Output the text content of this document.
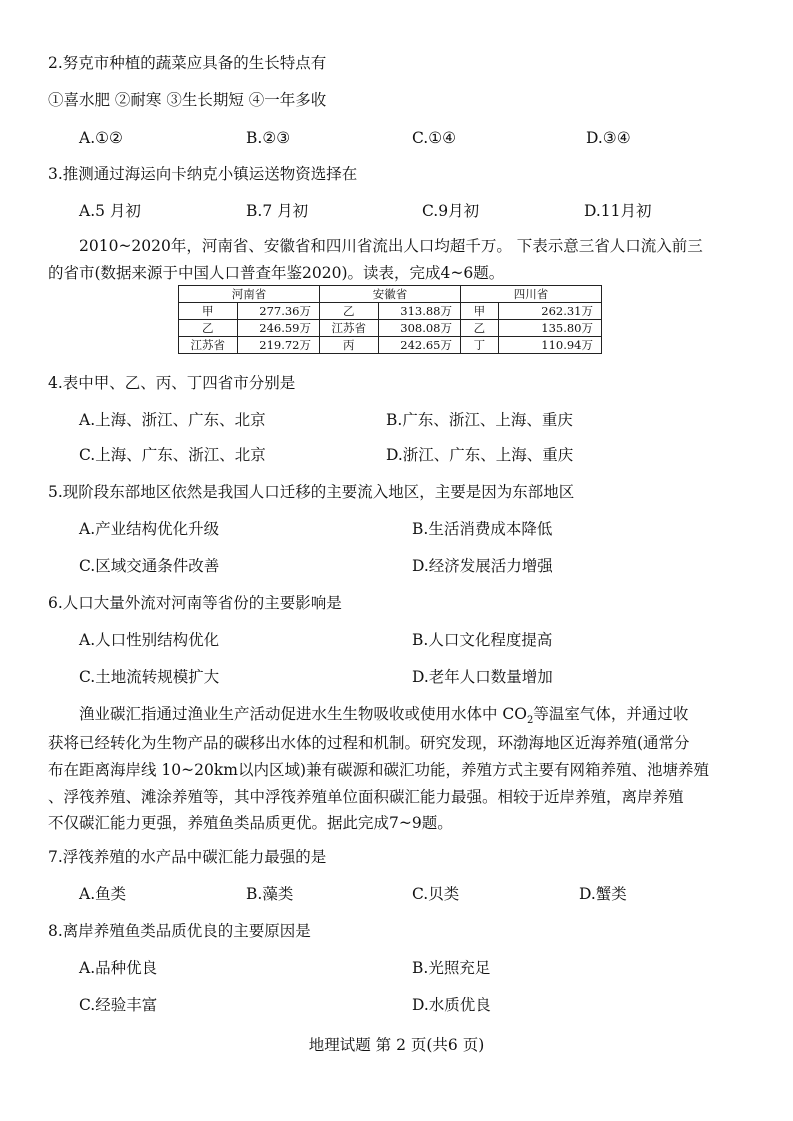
2.努克市种植的蔬菜应具备的生长特点有
①喜水肥 ②耐寒 ③生长期短 ④一年多收
A.①②	B.②③	C.①④	D.③④
3.推测通过海运向卡纳克小镇运送物资选择在
A.5 月初	B.7 月初	C.9月初	D.11月初
2010~2020年，河南省、安徽省和四川省流出人口均超千万。 下表示意三省人口流入前三
的省市(数据来源于中国人口普查年鉴2020)。读表，完成4~6题。
河南省		安徽省		四川省	
甲	277.36万	乙	313.88万	甲	262.31万
乙	246.59万	江苏省	308.08万	乙	135.80万
江苏省	219.72万	丙	242.65万	丁	110.94万
4.表中甲、乙、丙、丁四省市分别是
A.上海、浙江、广东、北京	B.广东、浙江、上海、重庆
C.上海、广东、浙江、北京	D.浙江、广东、上海、重庆
5.现阶段东部地区依然是我国人口迁移的主要流入地区，主要是因为东部地区
A.产业结构优化升级	B.生活消费成本降低
C.区域交通条件改善	D.经济发展活力增强
6.人口大量外流对河南等省份的主要影响是
A.人口性别结构优化	B.人口文化程度提高
C.土地流转规模扩大	D.老年人口数量增加
渔业碳汇指通过渔业生产活动促进水生生物吸收或使用水体中 $CO_2$等温室气体，并通过收
获将已经转化为生物产品的碳移出水体的过程和机制。研究发现，环渤海地区近海养殖(通常分
布在距离海岸线 10~20km以内区域)兼有碳源和碳汇功能，养殖方式主要有网箱养殖、池塘养殖
、浮筏养殖、滩涂养殖等，其中浮筏养殖单位面积碳汇能力最强。相较于近岸养殖，离岸养殖
不仅碳汇能力更强，养殖鱼类品质更优。据此完成7~9题。
7.浮筏养殖的水产品中碳汇能力最强的是
A.鱼类	B.藻类	C.贝类	D.蟹类
8.离岸养殖鱼类品质优良的主要原因是
A.品种优良	B.光照充足
C.经验丰富	D.水质优良
地理试题 第 2 页(共6 页)
